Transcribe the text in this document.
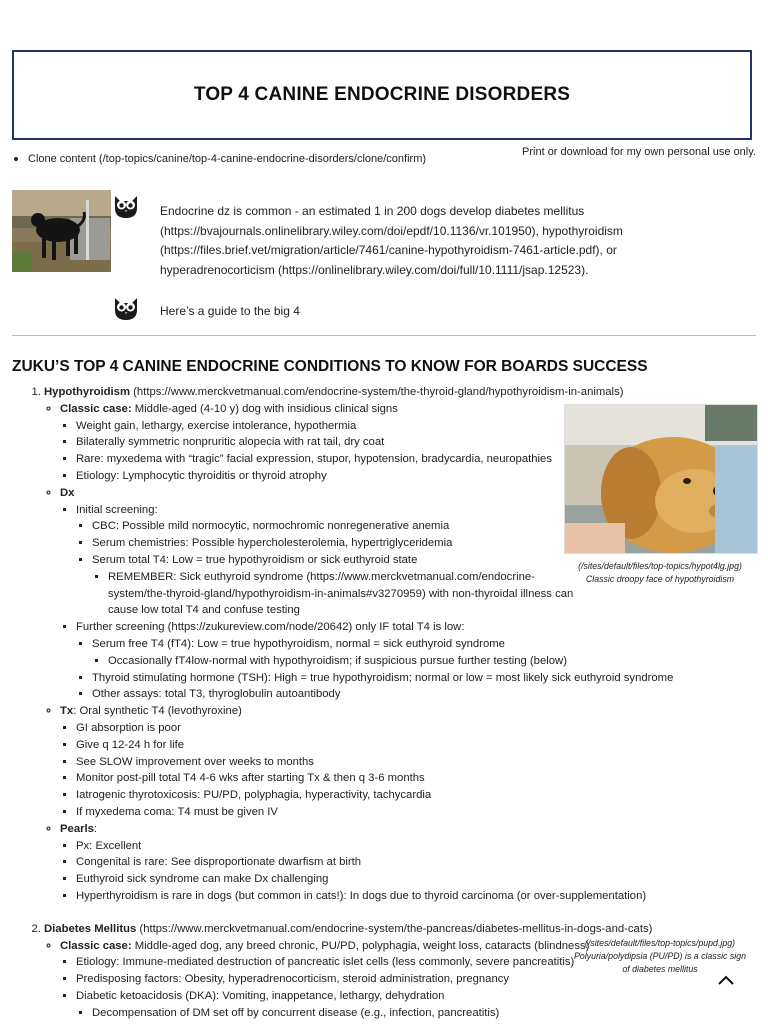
TOP 4 CANINE ENDOCRINE DISORDERS
Clone content (/top-topics/canine/top-4-canine-endocrine-disorders/clone/confirm)
Print or download for my own personal use only.
Endocrine dz is common - an estimated 1 in 200 dogs develop diabetes mellitus (https://bvajournals.onlinelibrary.wiley.com/doi/epdf/10.1136/vr.101950), hypothyroidism (https://files.brief.vet/migration/article/7461/canine-hypothyroidism-7461-article.pdf), or hyperadrenocorticism (https://onlinelibrary.wiley.com/doi/full/10.1111/jsap.12523).
Here’s a guide to the big 4
ZUKU’S TOP 4 CANINE ENDOCRINE CONDITIONS TO KNOW FOR BOARDS SUCCESS
(/sites/default/files/top-topics/hypot4lg.jpg) Classic droopy face of hypothyroidism
1. Hypothyroidism (https://www.merckvetmanual.com/endocrine-system/the-thyroid-gland/hypothyroidism-in-animals)
◦ Classic case: Middle-aged (4-10 y) dog with insidious clinical signs
▪ Weight gain, lethargy, exercise intolerance, hypothermia
▪ Bilaterally symmetric nonpruritic alopecia with rat tail, dry coat
▪ Rare: myxedema with “tragic” facial expression, stupor, hypotension, bradycardia, neuropathies
▪ Etiology: Lymphocytic thyroiditis or thyroid atrophy
◦ Dx
▪ Initial screening:
▪ CBC: Possible mild normocytic, normochromic nonregenerative anemia
▪ Serum chemistries: Possible hypercholesterolemia, hypertriglyceridemia
▪ Serum total T4: Low = true hypothyroidism or sick euthyroid state
▪ REMEMBER: Sick euthyroid syndrome (https://www.merckvetmanual.com/endocrine-system/the-thyroid-gland/hypothyroidism-in-animals#v3270959) with non-thyroidal illness can cause low total T4 and confuse testing
▪ Further screening (https://zukureview.com/node/20642) only IF total T4 is low:
▪ Serum free T4 (fT4): Low = true hypothyroidism, normal = sick euthyroid syndrome
▪ Occasionally fT4low-normal with hypothyroidism; if suspicious pursue further testing (below)
▪ Thyroid stimulating hormone (TSH): High = true hypothyroidism; normal or low = most likely sick euthyroid syndrome
▪ Other assays: total T3, thyroglobulin autoantibody
◦ Tx: Oral synthetic T4 (levothyroxine)
▪ GI absorption is poor
▪ Give q 12-24 h for life
▪ See SLOW improvement over weeks to months
▪ Monitor post-pill total T4 4-6 wks after starting Tx & then q 3-6 months
▪ Iatrogenic thyrotoxicosis: PU/PD, polyphagia, hyperactivity, tachycardia
▪ If myxedema coma: T4 must be given IV
◦ Pearls:
▪ Px: Excellent
▪ Congenital is rare: See disproportionate dwarfism at birth
▪ Euthyroid sick syndrome can make Dx challenging
▪ Hyperthyroidism is rare in dogs (but common in cats!): In dogs due to thyroid carcinoma (or over-supplementation)
2. Diabetes Mellitus (https://www.merckvetmanual.com/endocrine-system/the-pancreas/diabetes-mellitus-in-dogs-and-cats)
◦ Classic case: Middle-aged dog, any breed chronic, PU/PD, polyphagia, weight loss, cataracts (blindness)
▪ Etiology: Immune-mediated destruction of pancreatic islet cells (less commonly, severe pancreatitis)
▪ Predisposing factors: Obesity, hyperadrenocorticism, steroid administration, pregnancy
▪ Diabetic ketoacidosis (DKA): Vomiting, inappetance, lethargy, dehydration
▪ Decompensation of DM set off by concurrent disease (e.g., infection, pancreatitis)
(/sites/default/files/top-topics/pupd.jpg) Polyuria/polydipsia (PU/PD) is a classic sign of diabetes mellitus
